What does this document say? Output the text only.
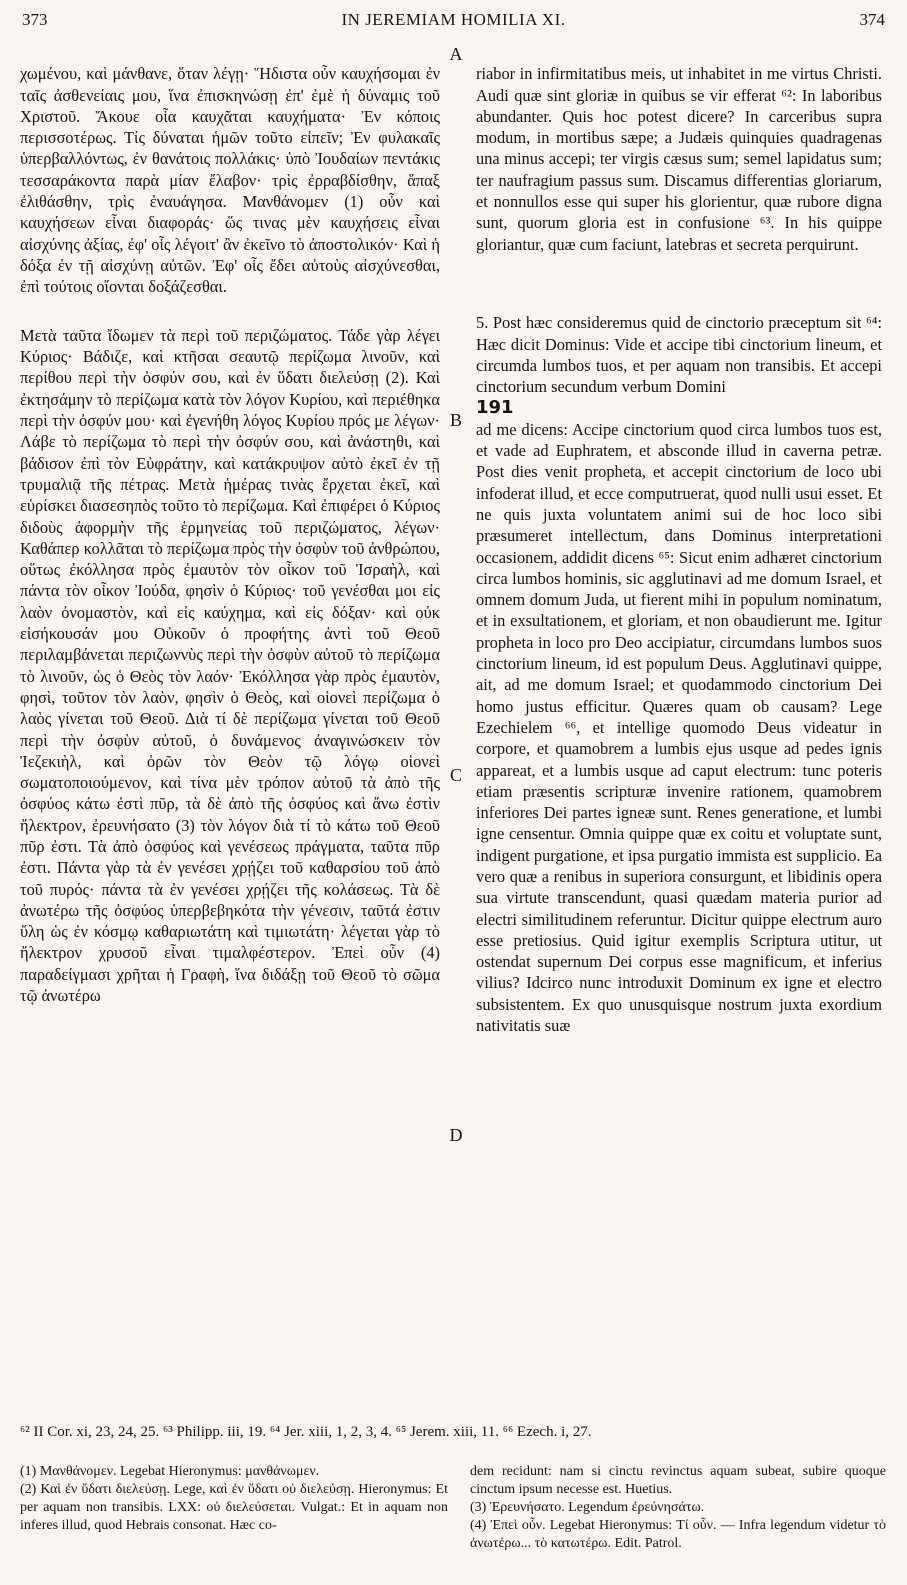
373	IN JEREMIAM HOMILIA XI.	374

χωμένου, καὶ μάνθανε, ὅταν λέγῃ· Ἥδιστα οὖν καυχήσομαι ἐν ταῖς ἀσθενείαις μου, ἵνα ἐπισκηνώσῃ ἐπ' ἐμὲ ἡ δύναμις τοῦ Χριστοῦ. Ἄκουε οἷα καυχᾶται καυχήματα· Ἐν κόποις περισσοτέρως. Τίς δύναται ἡμῶν τοῦτο εἰπεῖν; Ἐν φυλακαῖς ὑπερβαλλόντως, ἐν θανάτοις πολλάκις· ὑπὸ Ἰουδαίων πεντάκις τεσσαράκοντα παρὰ μίαν ἔλαβον· τρὶς ἐρραβδίσθην, ἅπαξ ἐλιθάσθην, τρὶς ἐναυάγησα. Μανθάνομεν (1) οὖν καὶ καυχήσεων εἶναι διαφοράς· ὥς τινας μὲν καυχήσεις εἶναι αἰσχύνης ἀξίας, ἐφ' οἷς λέγοιτ' ἂν ἐκεῖνο τὸ ἀποστολικόν· Καὶ ἡ δόξα ἐν τῇ αἰσχύνῃ αὐτῶν. Ἐφ' οἷς ἔδει αὐτοὺς αἰσχύνεσθαι, ἐπὶ τούτοις οἴονται δοξάζεσθαι.

Μετὰ ταῦτα ἴδωμεν τὰ περὶ τοῦ περιζώματος. Τάδε γὰρ λέγει Κύριος· Βάδιζε, καὶ κτῆσαι σεαυτῷ περίζωμα λινοῦν, καὶ περίθου περὶ τὴν ὀσφύν σου, καὶ ἐν ὕδατι διελεύσῃ (2). Καὶ ἐκτησάμην τὸ περίζωμα κατὰ τὸν λόγον Κυρίου, καὶ περιέθηκα περὶ τὴν ὀσφύν μου· καὶ ἐγενήθη λόγος Κυρίου πρός με λέγων· Λάβε τὸ περίζωμα τὸ περὶ τὴν ὀσφύν σου, καὶ ἀνάστηθι, καὶ βάδισον ἐπὶ τὸν Εὐφράτην, καὶ κατάκρυψον αὐτὸ ἐκεῖ ἐν τῇ τρυμαλιᾷ τῆς πέτρας. Μετὰ ἡμέρας τινὰς ἔρχεται ἐκεῖ, καὶ εὑρίσκει διασεσηπὸς τοῦτο τὸ περίζωμα. Καὶ ἐπιφέρει ὁ Κύριος διδοὺς ἀφορμὴν τῆς ἑρμηνείας τοῦ περιζώματος, λέγων· Καθάπερ κολλᾶται τὸ περίζωμα πρὸς τὴν ὀσφὺν τοῦ ἀνθρώπου, οὕτως ἐκόλλησα πρὸς ἐμαυτὸν τὸν οἶκον τοῦ Ἰσραὴλ, καὶ πάντα τὸν οἶκον Ἰούδα, φησὶν ὁ Κύριος· τοῦ γενέσθαι μοι εἰς λαὸν ὀνομαστὸν, καὶ εἰς καύχημα, καὶ εἰς δόξαν· καὶ οὐκ εἰσήκουσάν μου Οὐκοῦν ὁ προφήτης ἀντὶ τοῦ Θεοῦ περιλαμβάνεται περιζωννὺς περὶ τὴν ὀσφὺν αὐτοῦ τὸ περίζωμα τὸ λινοῦν, ὡς ὁ Θεὸς τὸν λαόν· Ἐκόλλησα γὰρ πρὸς ἐμαυτὸν, φησὶ, τοῦτον τὸν λαὸν, φησὶν ὁ Θεὸς, καὶ οἱονεὶ περίζωμα ὁ λαὸς γίνεται τοῦ Θεοῦ. Διὰ τί δὲ περίζωμα γίνεται τοῦ Θεοῦ περὶ τὴν ὀσφὺν αὐτοῦ, ὁ δυνάμενος ἀναγινώσκειν τὸν Ἰεζεκιὴλ, καὶ ὁρῶν τὸν Θεὸν τῷ λόγῳ οἱονεὶ σωματοποιούμενον, καὶ τίνα μὲν τρόπον αὐτοῦ τὰ ἀπὸ τῆς ὀσφύος κάτω ἐστὶ πῦρ, τὰ δὲ ἀπὸ τῆς ὀσφύος καὶ ἄνω ἐστὶν ἤλεκτρον, ἐρευνήσατο (3) τὸν λόγον διὰ τί τὸ κάτω τοῦ Θεοῦ πῦρ ἐστι. Τὰ ἀπὸ ὀσφύος καὶ γενέσεως πράγματα, ταῦτα πῦρ ἐστι. Πάντα γὰρ τὰ ἐν γενέσει χρῄζει τοῦ καθαρσίου τοῦ ἀπὸ τοῦ πυρός· πάντα τὰ ἐν γενέσει χρῄζει τῆς κολάσεως. Τὰ δὲ ἀνωτέρω τῆς ὀσφύος ὑπερβεβηκότα τὴν γένεσιν, ταῦτά ἐστιν ὕλη ὡς ἐν κόσμῳ καθαριωτάτη καὶ τιμιωτάτη· λέγεται γὰρ τὸ ἤλεκτρον χρυσοῦ εἶναι τιμαλφέστερον. Ἐπεὶ οὖν (4) παραδείγμασι χρῆται ἡ Γραφὴ, ἵνα διδάξῃ τοῦ Θεοῦ τὸ σῶμα τῷ ἀνωτέρω

A
B
C
D

riabor in infirmitatibus meis, ut inhabitet in me virtus Christi. Audi quæ sint gloriæ in quibus se vir efferat ⁶²: In laboribus abundanter. Quis hoc potest dicere? In carceribus supra modum, in mortibus sæpe; a Judæis quinquies quadragenas una minus accepi; ter virgis cæsus sum; semel lapidatus sum; ter naufragium passus sum. Discamus differentias gloriarum, et nonnullos esse qui super his glorientur, quæ rubore digna sunt, quorum gloria est in confusione ⁶³. In his quippe gloriantur, quæ cum faciunt, latebras et secreta perquirunt.

5. Post hæc consideremus quid de cinctorio præceptum sit ⁶⁴: Hæc dicit Dominus: Vide et accipe tibi cinctorium lineum, et circumda lumbos tuos, et per aquam non transibis. Et accepi cinctorium secundum verbum Domini

191
ad me dicens: Accipe cinctorium quod circa lumbos tuos est, et vade ad Euphratem, et absconde illud in caverna petræ. Post dies venit propheta, et accepit cinctorium de loco ubi infoderat illud, et ecce computruerat, quod nulli usui esset. Et ne quis juxta voluntatem animi sui de hoc loco sibi præsumeret intellectum, dans Dominus interpretationi occasionem, addidit dicens ⁶⁵: Sicut enim adhæret cinctorium circa lumbos hominis, sic agglutinavi ad me domum Israel, et omnem domum Juda, ut fierent mihi in populum nominatum, et in exsultationem, et gloriam, et non obaudierunt me. Igitur propheta in loco pro Deo accipiatur, circumdans lumbos suos cinctorium lineum, id est populum Deus. Agglutinavi quippe, ait, ad me domum Israel; et quodammodo cinctorium Dei homo justus efficitur. Quæres quam ob causam? Lege Ezechielem ⁶⁶, et intellige quomodo Deus videatur in corpore, et quamobrem a lumbis ejus usque ad pedes ignis appareat, et a lumbis usque ad caput electrum: tunc poteris etiam præsentis scripturæ invenire rationem, quamobrem inferiores Dei partes igneæ sunt. Renes generatione, et lumbi igne censentur. Omnia quippe quæ ex coitu et voluptate sunt, indigent purgatione, et ipsa purgatio immista est supplicio. Ea vero quæ a renibus in superiora consurgunt, et libidinis opera sua virtute transcendunt, quasi quædam materia purior ad electri similitudinem referuntur. Dicitur quippe electrum auro esse pretiosius. Quid igitur exemplis Scriptura utitur, ut ostendat supernum Dei corpus esse magnificum, et inferius vilius? Idcirco nunc introduxit Dominum ex igne et electro subsistentem. Ex quo unusquisque nostrum juxta exordium nativitatis suæ

⁶² II Cor. xi, 23, 24, 25. ⁶³ Philipp. iii, 19. ⁶⁴ Jer. xiii, 1, 2, 3, 4. ⁶⁵ Jerem. xiii, 11. ⁶⁶ Ezech. i, 27.
(1) Μανθάνομεν. Legebat Hieronymus: μανθάνωμεν.
(2) Καὶ ἐν ὕδατι διελεύσῃ. Lege, καὶ ἐν ὕδατι οὐ διελεύσῃ. Hieronymus: Et per aquam non transibis. LXX: οὐ διελεύσεται. Vulgat.: Et in aquam non inferes illud, quod Hebrais consonat. Hæc co-
dem recidunt: nam si cinctu revinctus aquam subeat, subire quoque cinctum ipsum necesse est. Huetius.
(3) Ἐρευνήσατο. Legendum ἐρεύνησάτω.
(4) Ἐπεὶ οὖν. Legebat Hieronymus: Τί οὖν. — Infra legendum videtur τὸ ἀνωτέρω... τὸ κατωτέρω. Edit. Patrol.
